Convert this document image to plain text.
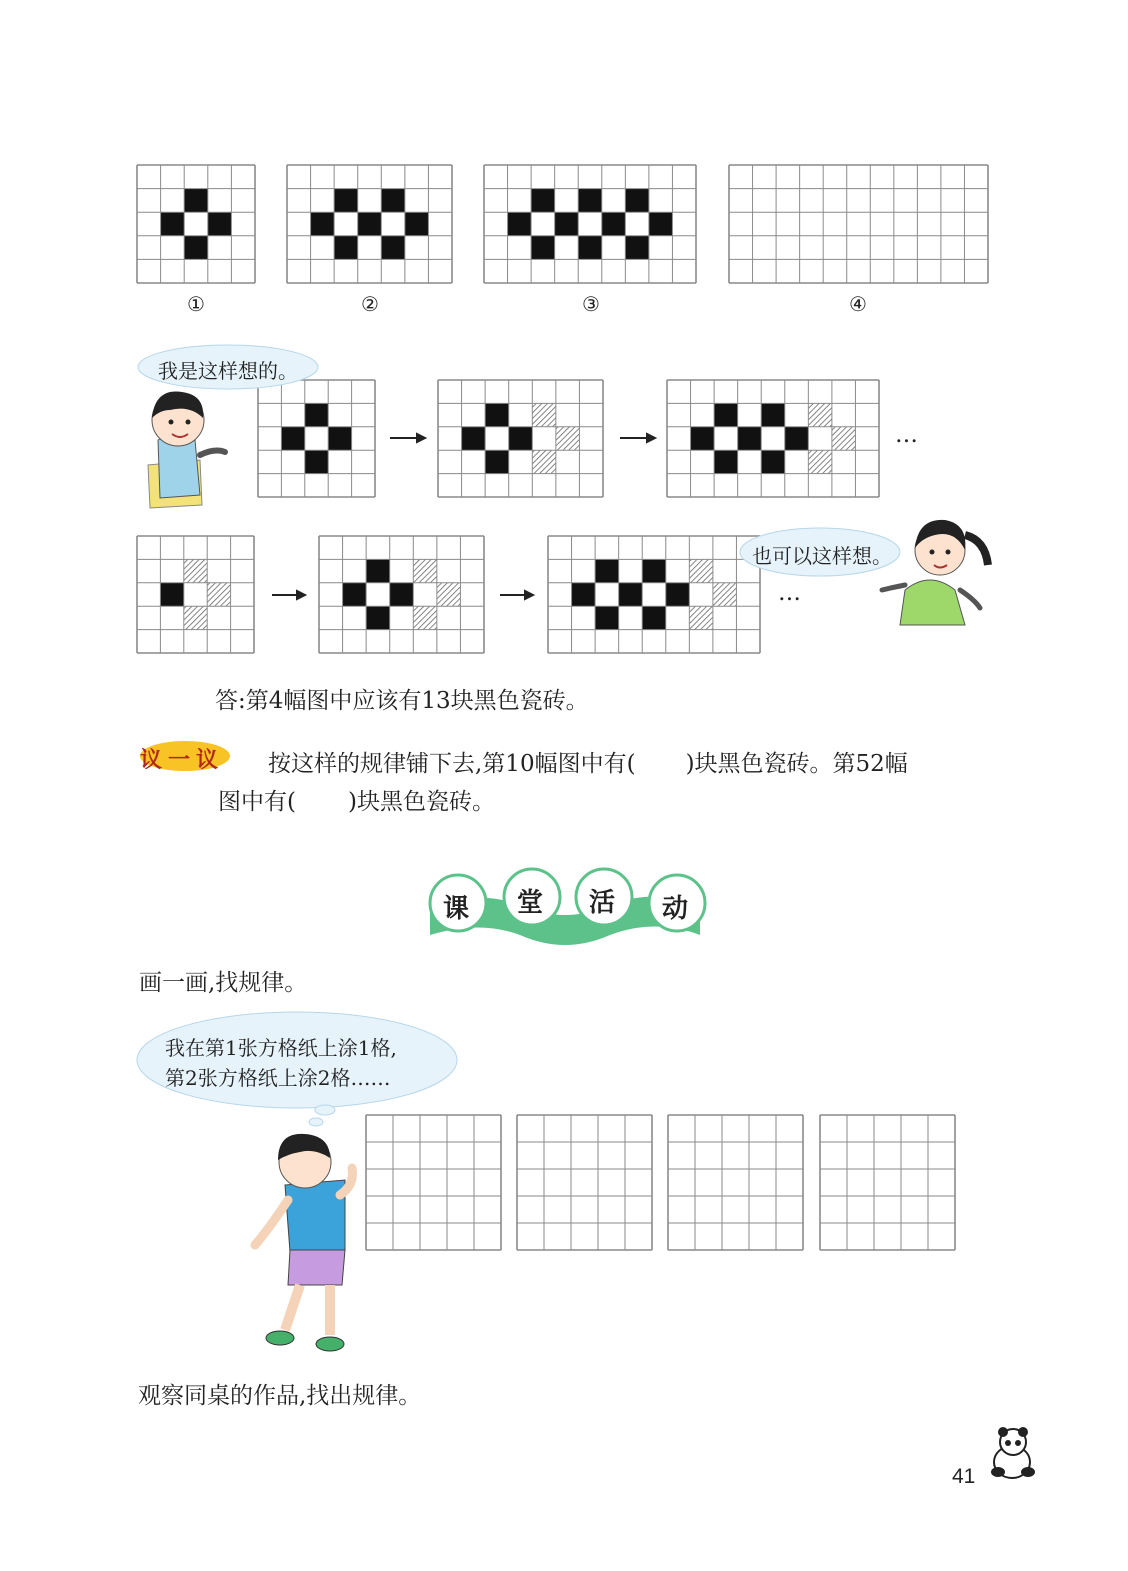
①	②	③	④
我是这样想的。
也可以这样想。
…
…
答:第4幅图中应该有13块黑色瓷砖。
议 一 议 按这样的规律铺下去,第10幅图中有( )块黑色瓷砖。第52幅
图中有( )块黑色瓷砖。
课 堂 活 动
画一画,找规律。
我在第1张方格纸上涂1格,
第2张方格纸上涂2格……
观察同桌的作品,找出规律。
41
